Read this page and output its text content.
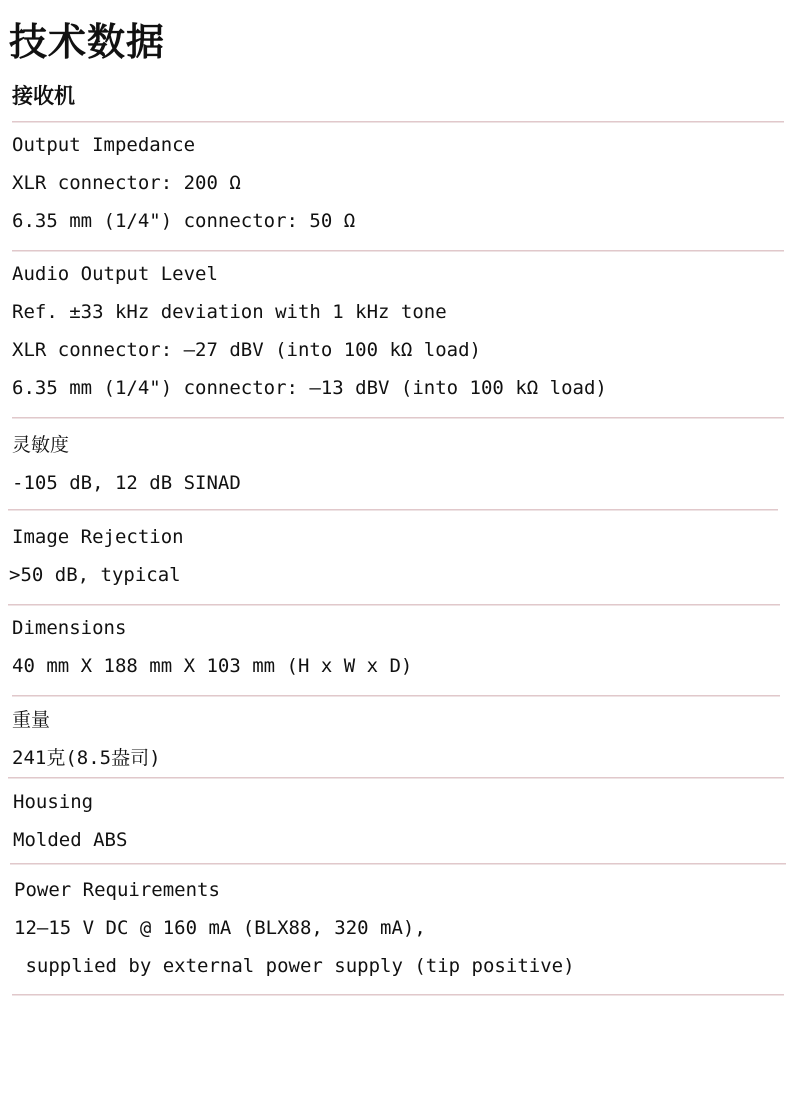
技术数据
接收机
Output Impedance
XLR connector: 200 Ω
6.35 mm (1/4") connector: 50 Ω
Audio Output Level
Ref. ±33 kHz deviation with 1 kHz tone
XLR connector: –27 dBV (into 100 kΩ load)
6.35 mm (1/4") connector: –13 dBV (into 100 kΩ load)
灵敏度
-105 dB, 12 dB SINAD
Image Rejection
>50 dB, typical
Dimensions
40 mm X 188 mm X 103 mm (H x W x D)
重量
241克(8.5盎司)
Housing
Molded ABS
Power Requirements
12–15 V DC @ 160 mA (BLX88, 320 mA),
supplied by external power supply (tip positive)
